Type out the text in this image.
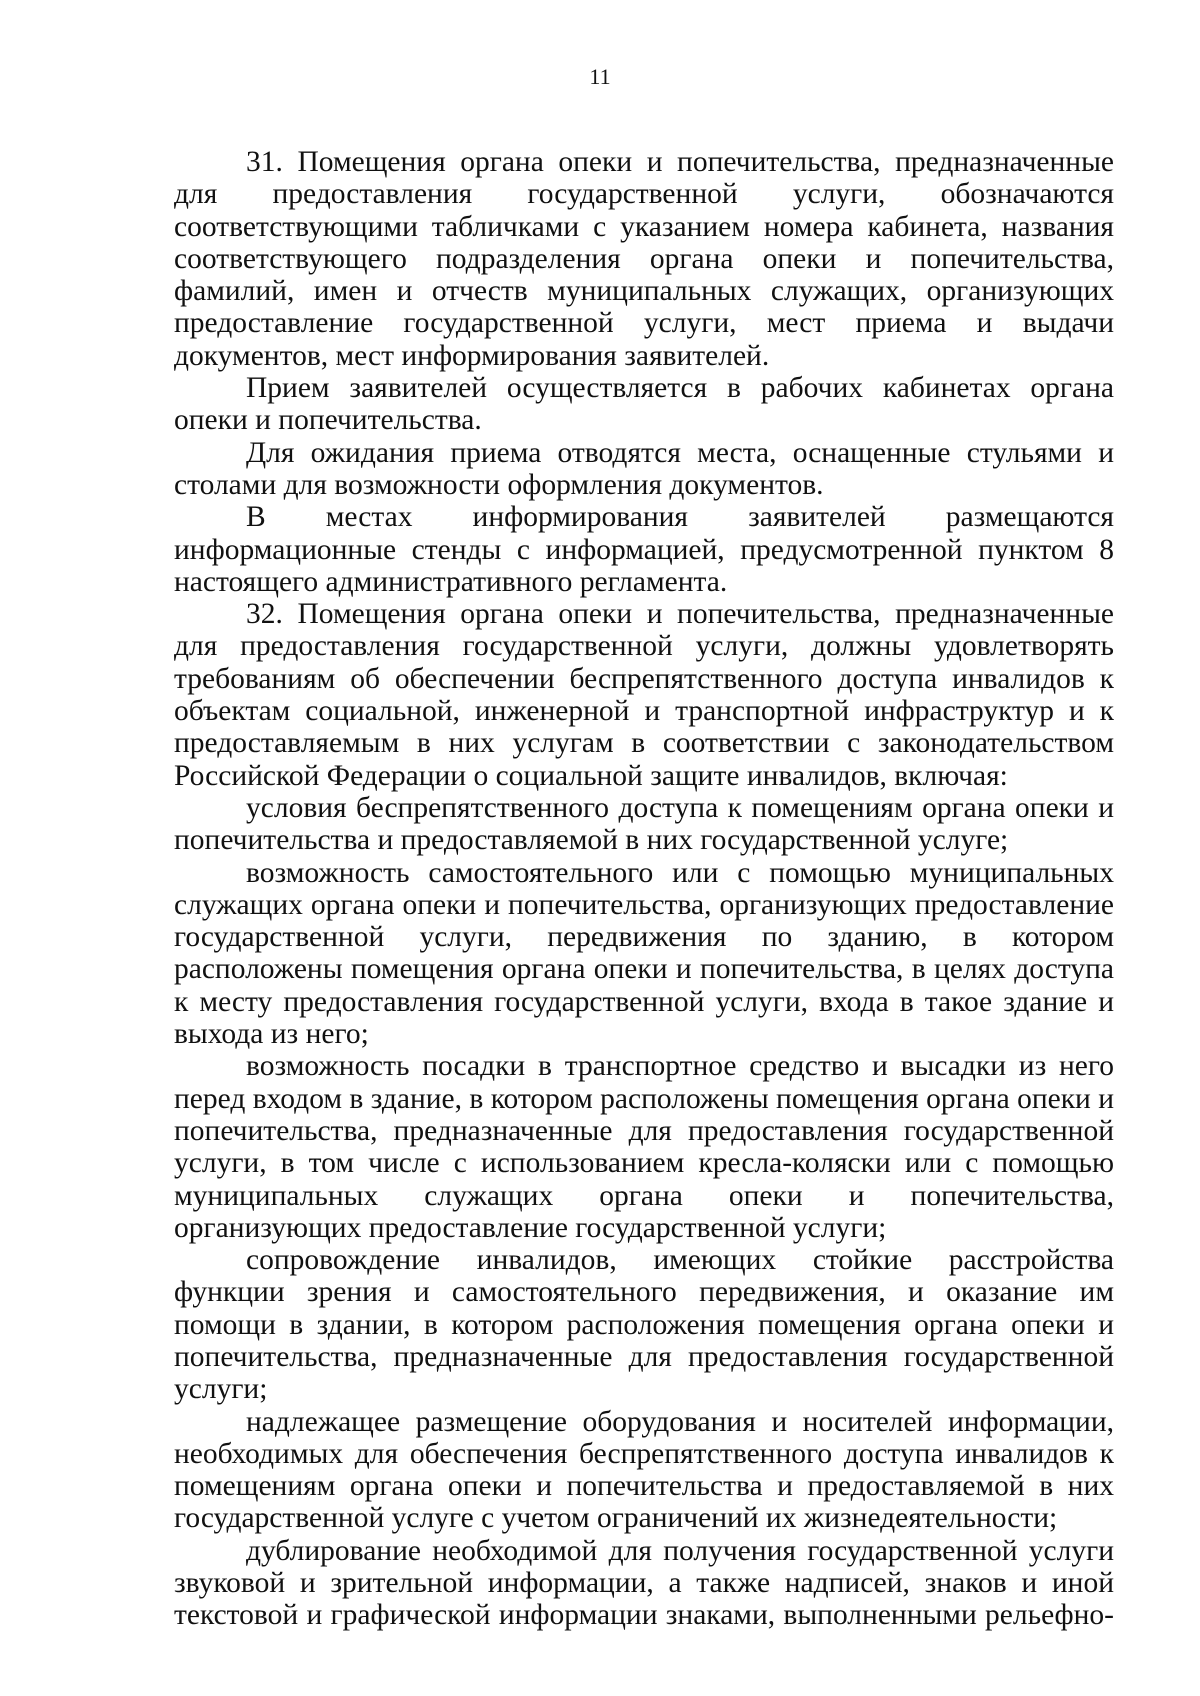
11

31. Помещения органа опеки и попечительства, предназначенные для предоставления государственной услуги, обозначаются соответствующими табличками с указанием номера кабинета, названия соответствующего подразделения органа опеки и попечительства, фамилий, имен и отчеств муниципальных служащих, организующих предоставление государственной услуги, мест приема и выдачи документов, мест информирования заявителей.

Прием заявителей осуществляется в рабочих кабинетах органа опеки и попечительства.

Для ожидания приема отводятся места, оснащенные стульями и столами для возможности оформления документов.

В местах информирования заявителей размещаются информационные стенды с информацией, предусмотренной пунктом 8 настоящего административного регламента.

32. Помещения органа опеки и попечительства, предназначенные для предоставления государственной услуги, должны удовлетворять требованиям об обеспечении беспрепятственного доступа инвалидов к объектам социальной, инженерной и транспортной инфраструктур и к предоставляемым в них услугам в соответствии с законодательством Российской Федерации о социальной защите инвалидов, включая:

условия беспрепятственного доступа к помещениям органа опеки и попечительства и предоставляемой в них государственной услуге;

возможность самостоятельного или с помощью муниципальных служащих органа опеки и попечительства, организующих предоставление государственной услуги, передвижения по зданию, в котором расположены помещения органа опеки и попечительства, в целях доступа к месту предоставления государственной услуги, входа в такое здание и выхода из него;

возможность посадки в транспортное средство и высадки из него перед входом в здание, в котором расположены помещения органа опеки и попечительства, предназначенные для предоставления государственной услуги, в том числе с использованием кресла-коляски или с помощью муниципальных служащих органа опеки и попечительства, организующих предоставление государственной услуги;

сопровождение инвалидов, имеющих стойкие расстройства функции зрения и самостоятельного передвижения, и оказание им помощи в здании, в котором расположения помещения органа опеки и попечительства, предназначенные для предоставления государственной услуги;

надлежащее размещение оборудования и носителей информации, необходимых для обеспечения беспрепятственного доступа инвалидов к помещениям органа опеки и попечительства и предоставляемой в них государственной услуге с учетом ограничений их жизнедеятельности;

дублирование необходимой для получения государственной услуги звуковой и зрительной информации, а также надписей, знаков и иной текстовой и графической информации знаками, выполненными рельефно-
